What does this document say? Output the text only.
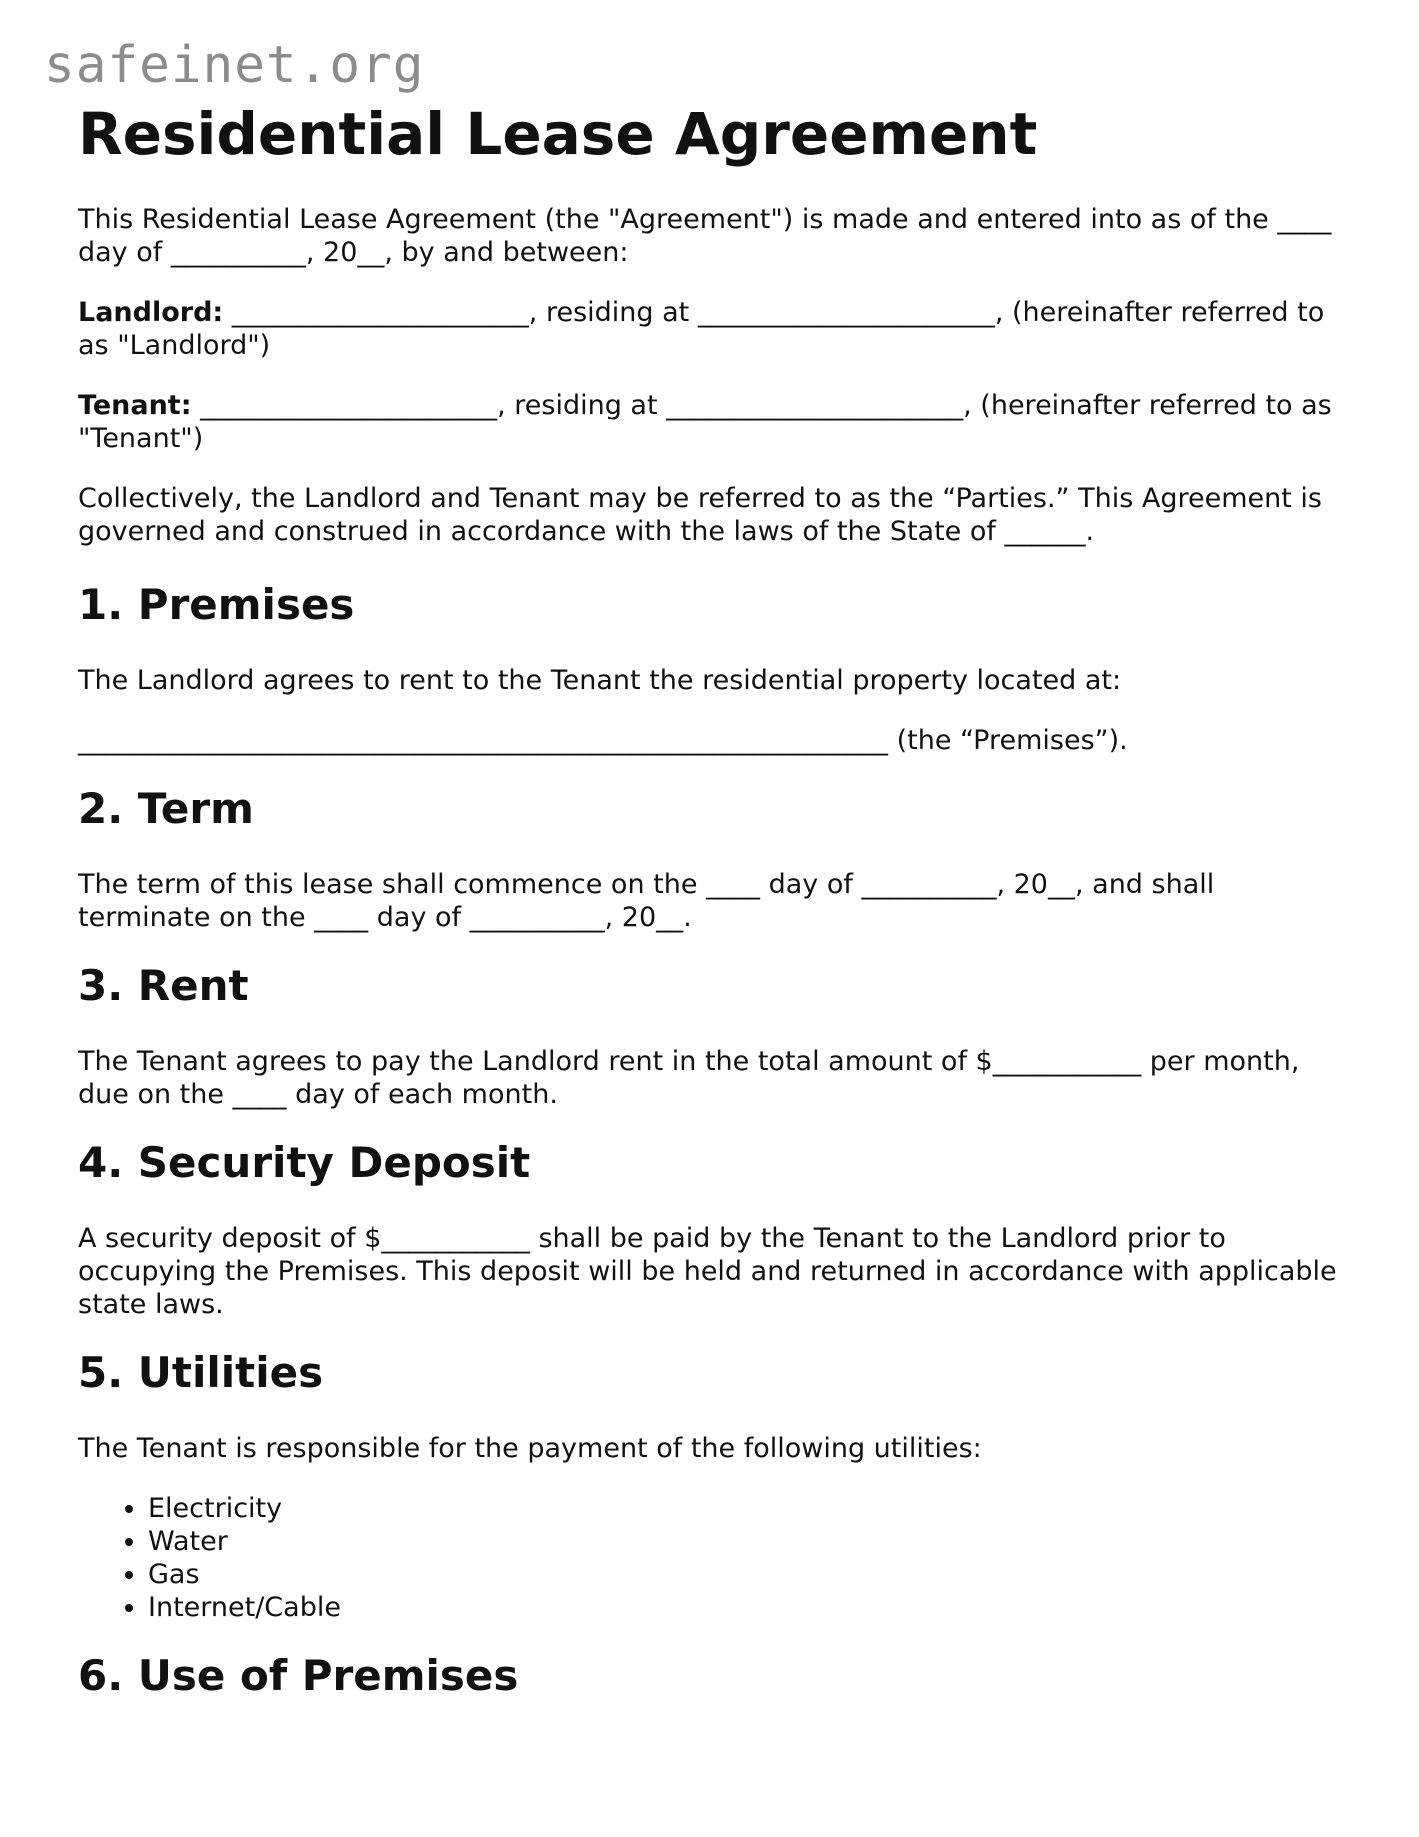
safeinet.org
Residential Lease Agreement

This Residential Lease Agreement (the "Agreement") is made and entered into as of the ____ day of __________, 20__, by and between:

Landlord: ______________________, residing at ______________________, (hereinafter referred to as "Landlord")

Tenant: ______________________, residing at ______________________, (hereinafter referred to as "Tenant")

Collectively, the Landlord and Tenant may be referred to as the “Parties.” This Agreement is governed and construed in accordance with the laws of the State of ______.

1. Premises

The Landlord agrees to rent to the Tenant the residential property located at:

____________________________________________________________ (the “Premises”).

2. Term

The term of this lease shall commence on the ____ day of __________, 20__, and shall terminate on the ____ day of __________, 20__.

3. Rent

The Tenant agrees to pay the Landlord rent in the total amount of $___________ per month, due on the ____ day of each month.

4. Security Deposit

A security deposit of $___________ shall be paid by the Tenant to the Landlord prior to occupying the Premises. This deposit will be held and returned in accordance with applicable state laws.

5. Utilities

The Tenant is responsible for the payment of the following utilities:

• Electricity
• Water
• Gas
• Internet/Cable
6. Use of Premises
